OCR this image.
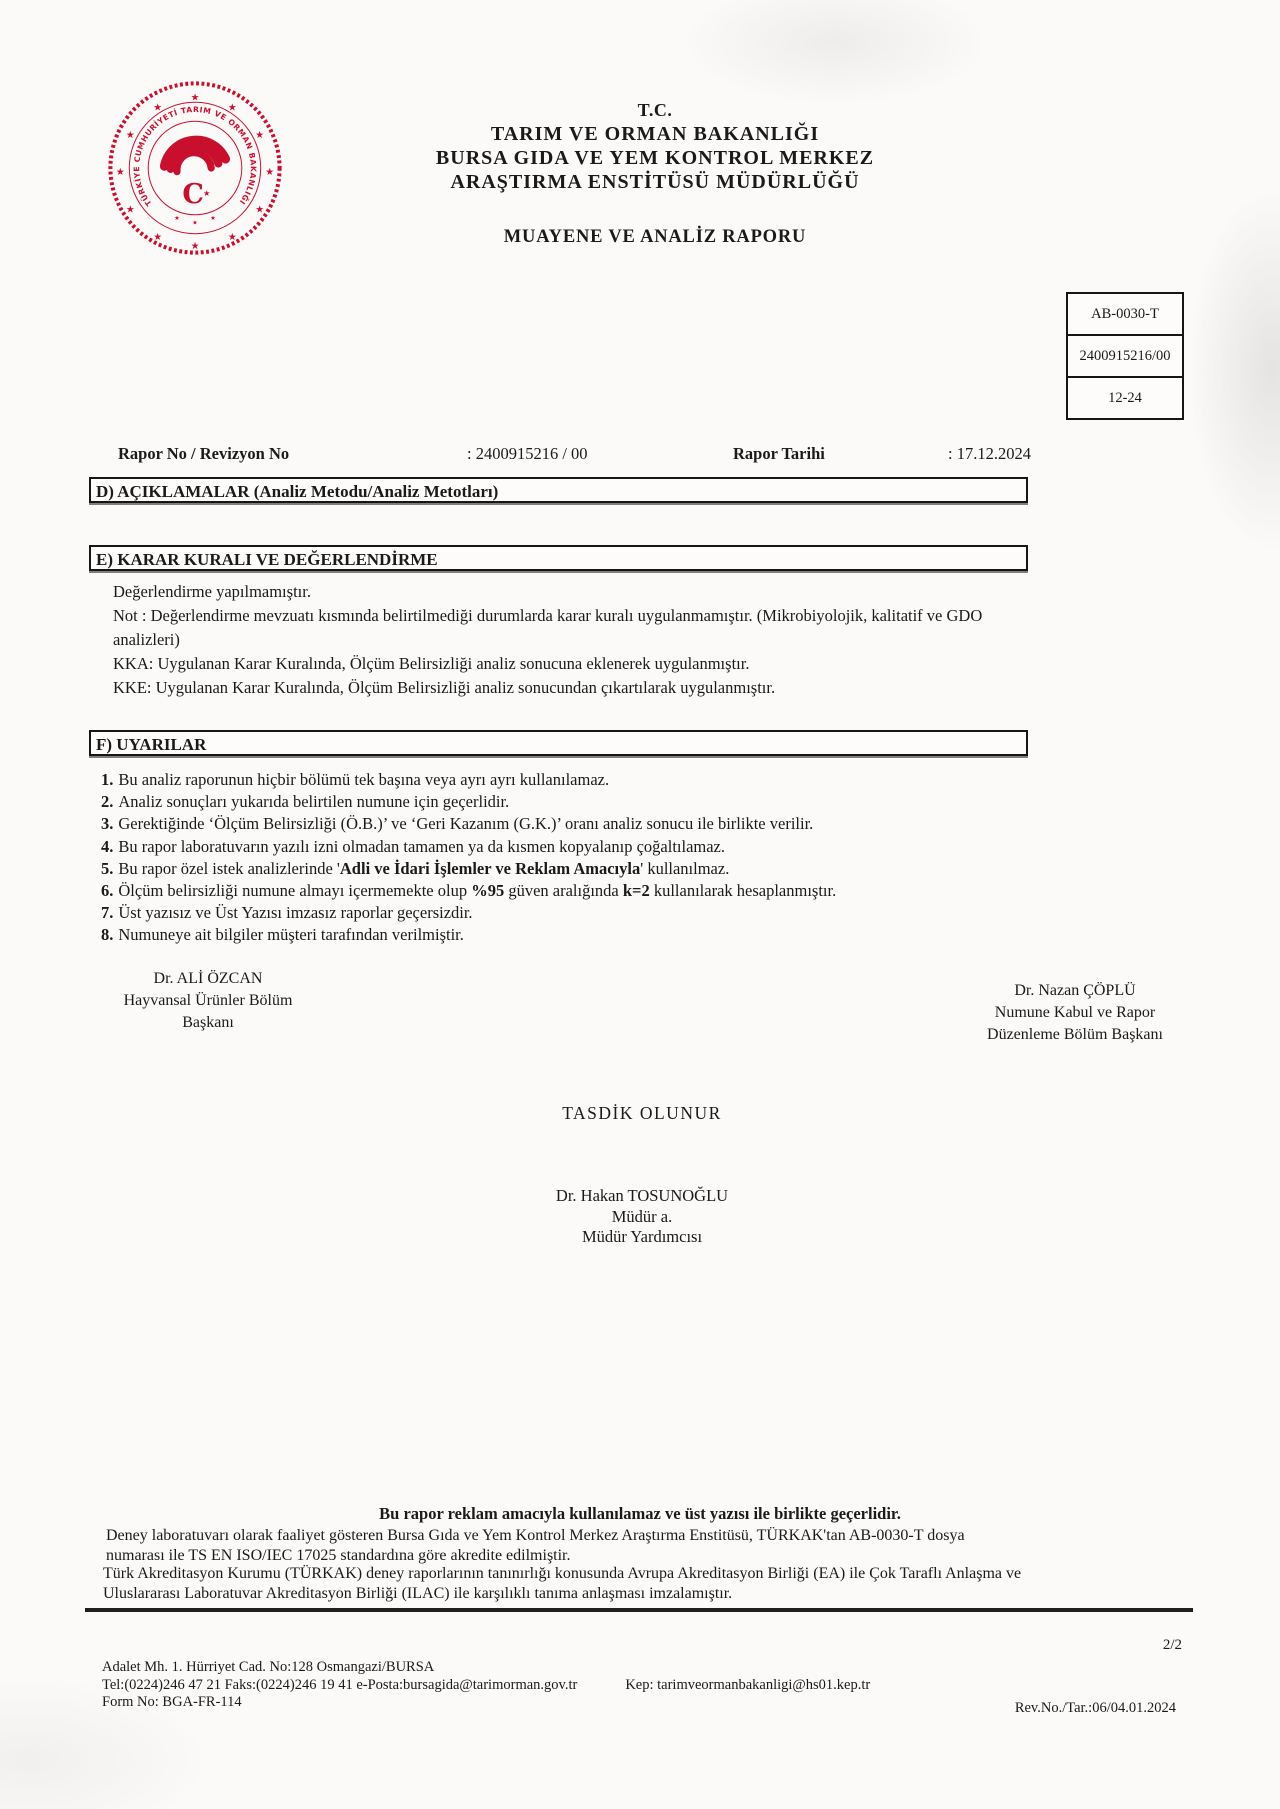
★
★
★
★
★
★
★
★
★
★
★
★
★
★	★
TÜRKİYE CUMHURİYETİ TARIM VE ORMAN BAKANLIĞI
C ★
T.C.
TARIM VE ORMAN BAKANLIĞI
BURSA GIDA VE YEM KONTROL MERKEZ
ARAŞTIRMA ENSTİTÜSÜ MÜDÜRLÜĞÜ
MUAYENE VE ANALİZ RAPORU
AB-0030-T
2400915216/00
12-24
Rapor No / Revizyon No	: 2400915216 / 00	Rapor Tarihi	: 17.12.2024
D) AÇIKLAMALAR (Analiz Metodu/Analiz Metotları)
E) KARAR KURALI VE DEĞERLENDİRME
Değerlendirme yapılmamıştır.
Not : Değerlendirme mevzuatı kısmında belirtilmediği durumlarda karar kuralı uygulanmamıştır. (Mikrobiyolojik, kalitatif ve GDO analizleri)
KKA: Uygulanan Karar Kuralında, Ölçüm Belirsizliği analiz sonucuna eklenerek uygulanmıştır.
KKE: Uygulanan Karar Kuralında, Ölçüm Belirsizliği analiz sonucundan çıkartılarak uygulanmıştır.
F) UYARILAR
1. Bu analiz raporunun hiçbir bölümü tek başına veya ayrı ayrı kullanılamaz.
2. Analiz sonuçları yukarıda belirtilen numune için geçerlidir.
3. Gerektiğinde ‘Ölçüm Belirsizliği (Ö.B.)’ ve ‘Geri Kazanım (G.K.)’ oranı analiz sonucu ile birlikte verilir.
4. Bu rapor laboratuvarın yazılı izni olmadan tamamen ya da kısmen kopyalanıp çoğaltılamaz.
5. Bu rapor özel istek analizlerinde 'Adli ve İdari İşlemler ve Reklam Amacıyla' kullanılmaz.
6. Ölçüm belirsizliği numune almayı içermemekte olup %95 güven aralığında k=2 kullanılarak hesaplanmıştır.
7. Üst yazısız ve Üst Yazısı imzasız raporlar geçersizdir.
8. Numuneye ait bilgiler müşteri tarafından verilmiştir.
Dr. ALİ ÖZCAN
Hayvansal Ürünler Bölüm
Başkanı
Dr. Nazan ÇÖPLÜ
Numune Kabul ve Rapor
Düzenleme Bölüm Başkanı
TASDİK OLUNUR
Dr. Hakan TOSUNOĞLU
Müdür a.
Müdür Yardımcısı
Bu rapor reklam amacıyla kullanılamaz ve üst yazısı ile birlikte geçerlidir.
Deney laboratuvarı olarak faaliyet gösteren Bursa Gıda ve Yem Kontrol Merkez Araştırma Enstitüsü, TÜRKAK'tan AB-0030-T dosya numarası ile TS EN ISO/IEC 17025 standardına göre akredite edilmiştir.
Türk Akreditasyon Kurumu (TÜRKAK) deney raporlarının tanınırlığı konusunda Avrupa Akreditasyon Birliği (EA) ile Çok Taraflı Anlaşma ve Uluslararası Laboratuvar Akreditasyon Birliği (ILAC) ile karşılıklı tanıma anlaşması imzalamıştır.
2/2
Adalet Mh. 1. Hürriyet Cad. No:128 Osmangazi/BURSA
Tel:(0224)246 47 21 Faks:(0224)246 19 41 e-Posta:bursagida@tarimorman.gov.tr	Kep: tarimveormanbakanligi@hs01.kep.tr
Form No: BGA-FR-114	Rev.No./Tar.:06/04.01.2024
